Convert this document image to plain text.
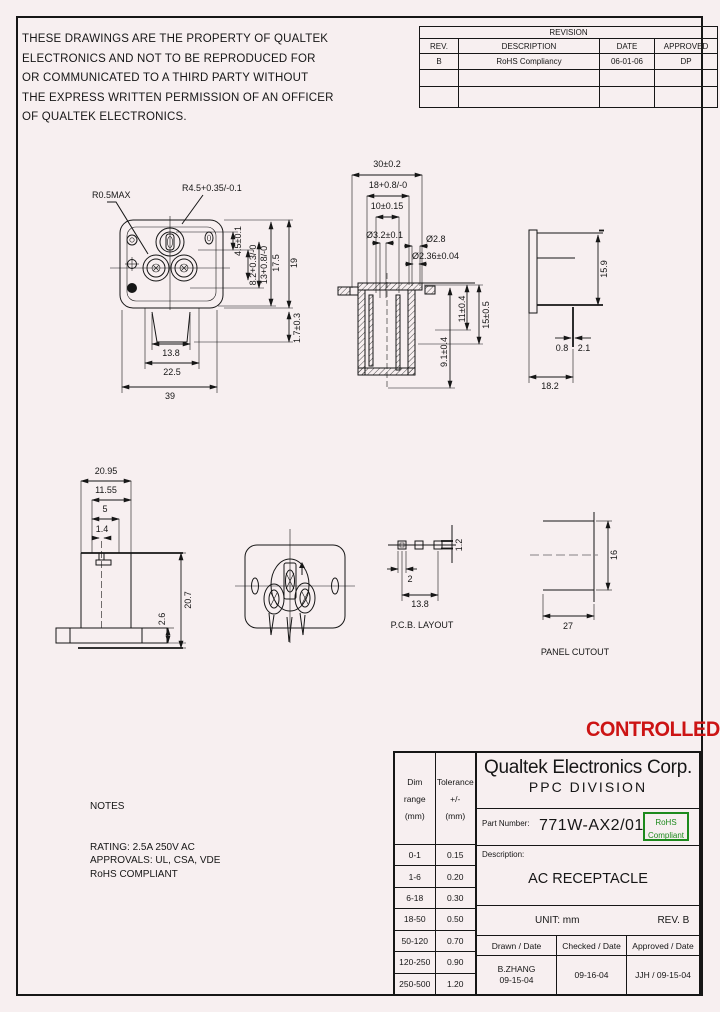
THESE DRAWINGS ARE THE PROPERTY OF QUALTEK
ELECTRONICS AND NOT TO BE REPRODUCED FOR
OR COMMUNICATED TO A THIRD PARTY WITHOUT
THE EXPRESS WRITTEN PERMISSION OF AN OFFICER
OF QUALTEK ELECTRONICS.
REVISION			
REV.	DESCRIPTION	DATE	APPROVED
B	RoHS Compliancy	06-01-06	DP

R0.5MAX
R4.5+0.35/-0.1
4.5±0.1
8.2+0.3/-0 13+0.8/-0 17.5 19
1.7±0.3
13.8
22.5
39
30±0.2
18+0.8/-0
10±0.15
Ø3.2±0.1	Ø2.8
Ø2.36±0.04
11±0.4 15±0.5
9.1±0.4
15.9
0.8 2.1
18.2
20.95
11.55
5
1.4
2.6
20.7
2
13.8
1.2
P.C.B. LAYOUT
16
27
PANEL CUTOUT
NOTES
RATING: 2.5A 250V AC
APPROVALS: UL, CSA, VDE
RoHS COMPLIANT
CONTROLLED
Dim
range
(mm)
Tolerance
+/-
(mm)
0-1	0.15
1-6	0.20
6-18	0.30
18-50	0.50
50-120	0.70
120-250	0.90
250-500	1.20
Qualtek Electronics Corp.
PPC DIVISION
Part Number: 771W-AX2/01	RoHS
Compliant
Description:
AC RECEPTACLE
UNIT: mm	REV. B
Drawn / Date	Checked / Date	Approved / Date
B.ZHANG
09-15-04	09-16-04	JJH / 09-15-04
